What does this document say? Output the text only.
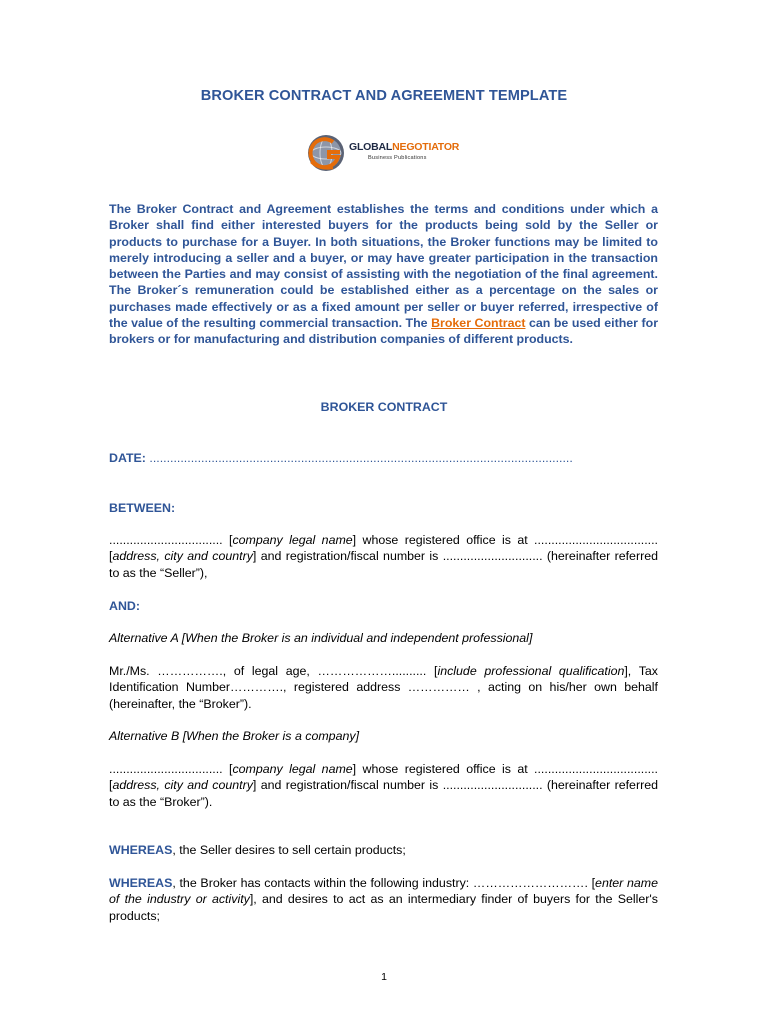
BROKER CONTRACT AND AGREEMENT TEMPLATE
GLOBALNEGOTIATOR
Business Publications

The Broker Contract and Agreement establishes the terms and conditions under which a Broker shall find either interested buyers for the products being sold by the Seller or products to purchase for a Buyer. In both situations, the Broker functions may be limited to merely introducing a seller and a buyer, or may have greater participation in the transaction between the Parties and may consist of assisting with the negotiation of the final agreement. The Broker´s remuneration could be established either as a percentage on the sales or purchases made effectively or as a fixed amount per seller or buyer referred, irrespective of the value of the resulting commercial transaction. The Broker Contract can be used either for brokers or for manufacturing and distribution companies of different products.

BROKER CONTRACT
DATE: ...........................................................................................................................
BETWEEN:

................................. [company legal name] whose registered office is at .................................... [address, city and country] and registration/fiscal number is ............................. (hereinafter referred to as the “Seller”),

AND:

Alternative A [When the Broker is an individual and independent professional]

Mr./Ms. ……………., of legal age, ……………….......... [include professional qualification], Tax Identification Number…………., registered address …………… , acting on his/her own behalf (hereinafter, the “Broker”).

Alternative B [When the Broker is a company]

................................. [company legal name] whose registered office is at .................................... [address, city and country] and registration/fiscal number is ............................. (hereinafter referred to as the “Broker”).

WHEREAS, the Seller desires to sell certain products;

WHEREAS, the Broker has contacts within the following industry: ………………………. [enter name of the industry or activity], and desires to act as an intermediary finder of buyers for the Seller's products;

1
